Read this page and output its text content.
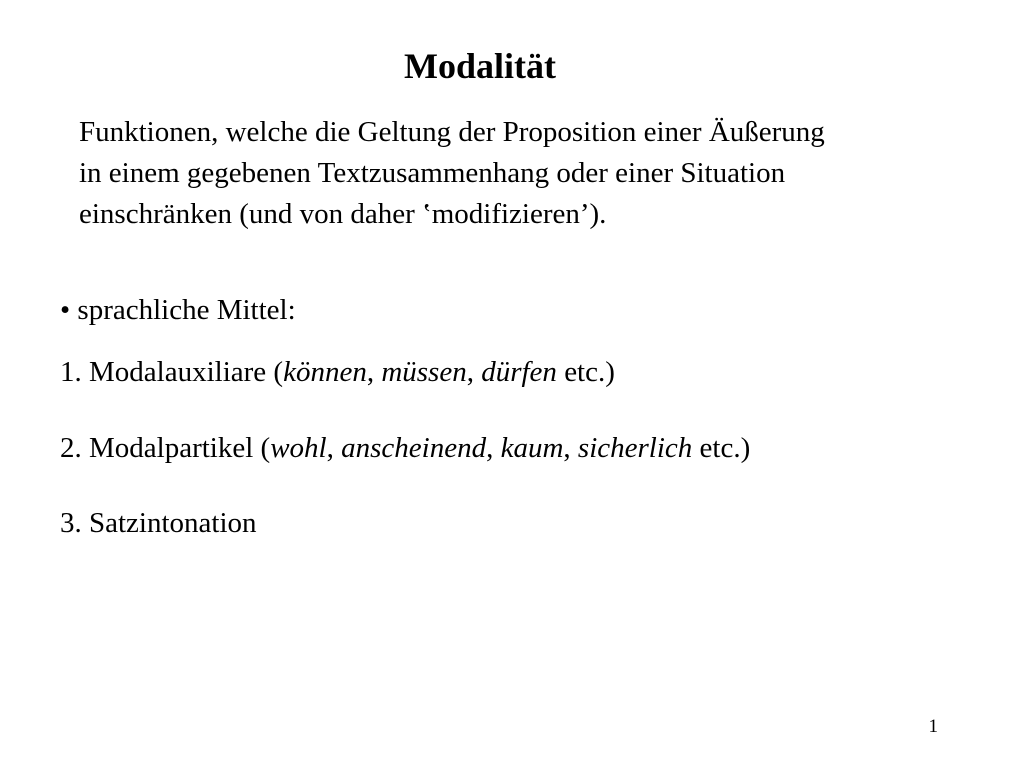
Modalität
Funktionen, welche die Geltung der Proposition einer Äußerung
in einem gegebenen Textzusammenhang oder einer Situation
einschränken (und von daher ‛modifizieren’).
• sprachliche Mittel:
1. Modalauxiliare (können, müssen, dürfen etc.)
2. Modalpartikel (wohl, anscheinend, kaum, sicherlich etc.)
3. Satzintonation
1
